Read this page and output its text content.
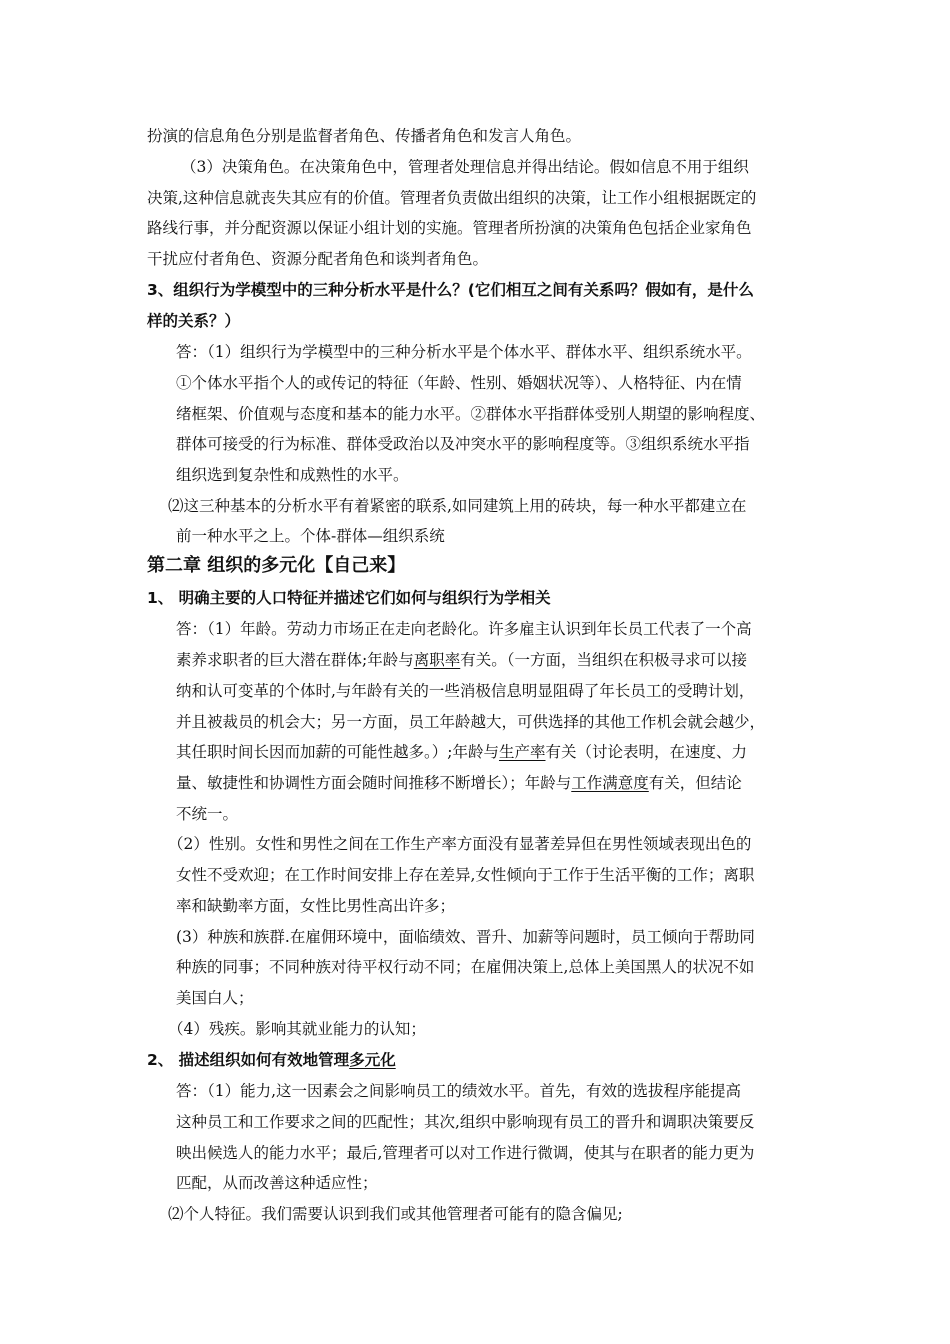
扮演的信息角色分别是监督者角色、传播者角色和发言人角色。
（3）决策角色。在决策角色中，管理者处理信息并得出结论。假如信息不用于组织
决策,这种信息就丧失其应有的价值。管理者负责做出组织的决策，让工作小组根据既定的
路线行事，并分配资源以保证小组计划的实施。管理者所扮演的决策角色包括企业家角色
干扰应付者角色、资源分配者角色和谈判者角色。
3、组织行为学模型中的三种分析水平是什么？(它们相互之间有关系吗？假如有，是什么
样的关系？）
答：（1）组织行为学模型中的三种分析水平是个体水平、群体水平、组织系统水平。
①个体水平指个人的或传记的特征（年龄、性别、婚姻状况等）、人格特征、内在情
绪框架、价值观与态度和基本的能力水平。②群体水平指群体受别人期望的影响程度、
群体可接受的行为标准、群体受政治以及冲突水平的影响程度等。③组织系统水平指
组织选到复杂性和成熟性的水平。
⑵这三种基本的分析水平有着紧密的联系,如同建筑上用的砖块，每一种水平都建立在
前一种水平之上。个体-群体—组织系统
第二章 组织的多元化【自己来】
1、 明确主要的人口特征并描述它们如何与组织行为学相关
答：（1）年龄。劳动力市场正在走向老龄化。许多雇主认识到年长员工代表了一个高
素养求职者的巨大潜在群体;年龄与离职率有关。（一方面，当组织在积极寻求可以接
纳和认可变革的个体时,与年龄有关的一些消极信息明显阻碍了年长员工的受聘计划，
并且被裁员的机会大；另一方面，员工年龄越大，可供选择的其他工作机会就会越少，
其任职时间长因而加薪的可能性越多。）;年龄与生产率有关（讨论表明，在速度、力
量、敏捷性和协调性方面会随时间推移不断增长）；年龄与工作满意度有关，但结论
不统一。
（2）性别。女性和男性之间在工作生产率方面没有显著差异但在男性领域表现出色的
女性不受欢迎；在工作时间安排上存在差异,女性倾向于工作于生活平衡的工作；离职
率和缺勤率方面，女性比男性高出许多；
(3）种族和族群.在雇佣环境中，面临绩效、晋升、加薪等问题时，员工倾向于帮助同
种族的同事；不同种族对待平权行动不同；在雇佣决策上,总体上美国黑人的状况不如
美国白人；
（4）残疾。影响其就业能力的认知；
2、 描述组织如何有效地管理多元化
答：（1）能力,这一因素会之间影响员工的绩效水平。首先，有效的选拔程序能提高
这种员工和工作要求之间的匹配性；其次,组织中影响现有员工的晋升和调职决策要反
映出候选人的能力水平；最后,管理者可以对工作进行微调，使其与在职者的能力更为
匹配，从而改善这种适应性；
⑵个人特征。我们需要认识到我们或其他管理者可能有的隐含偏见;
